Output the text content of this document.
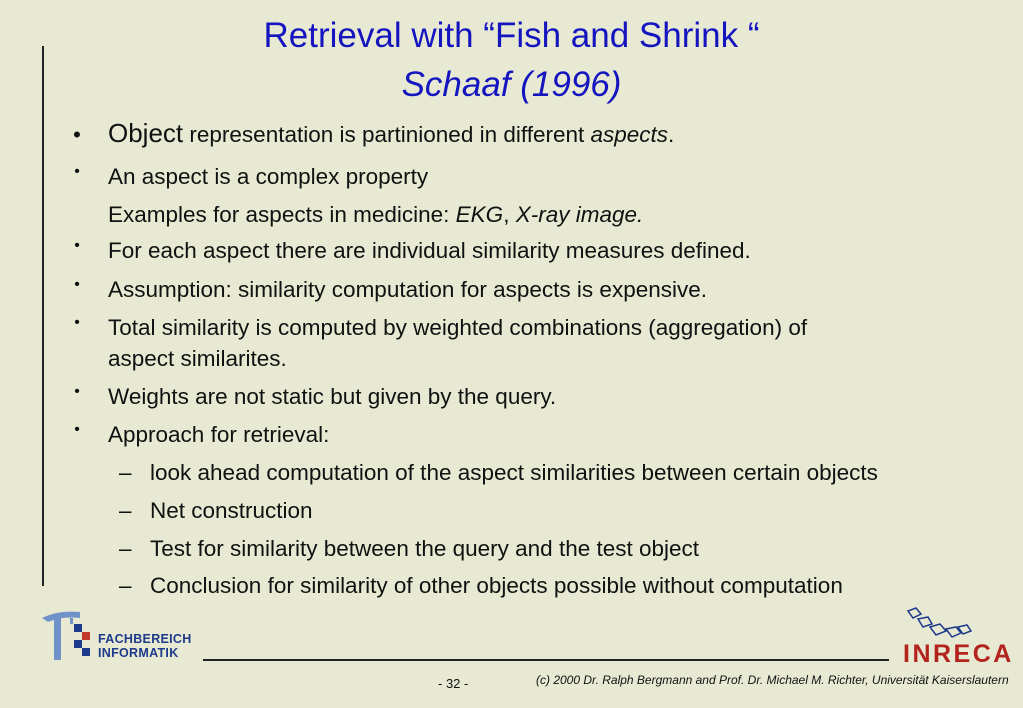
Retrieval with “Fish and Shrink “
Schaaf (1996)
• Object representation is partinioned in different aspects.
• An aspect is a complex property
Examples for aspects in medicine: EKG, X-ray image.
• For each aspect there are individual similarity measures defined.
• Assumption: similarity computation for aspects is expensive.
• Total similarity is computed by weighted combinations (aggregation) of
aspect similarites.
• Weights are not static but given by the query.
• Approach for retrieval:
– look ahead computation of the aspect similarities between certain objects
– Net construction
– Test for similarity between the query and the test object
– Conclusion for similarity of other objects possible without computation
FACHBEREICH
INFORMATIK
- 32 -	(c) 2000 Dr. Ralph Bergmann and Prof. Dr. Michael M. Richter, Universität Kaiserslautern
INRECA
